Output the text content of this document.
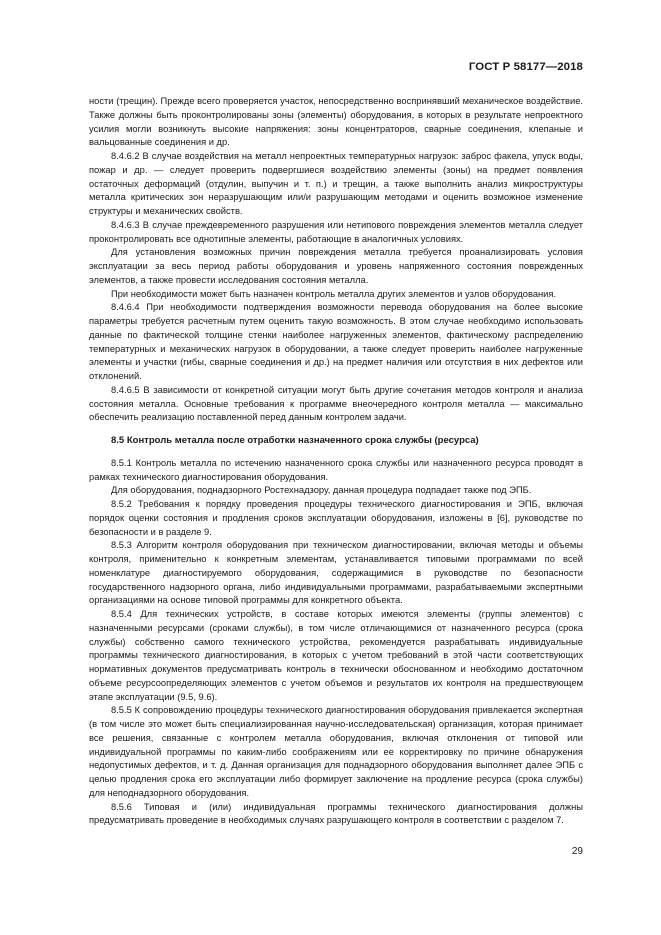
ГОСТ Р 58177—2018

ности (трещин). Прежде всего проверяется участок, непосредственно воспринявший механическое воздействие. Также должны быть проконтролированы зоны (элементы) оборудования, в которых в результате непроектного усилия могли возникнуть высокие напряжения: зоны концентраторов, сварные соединения, клепаные и вальцованные соединения и др.

8.4.6.2 В случае воздействия на металл непроектных температурных нагрузок: заброс факела, упуск воды, пожар и др. — следует проверить подвергшиеся воздействию элементы (зоны) на предмет появления остаточных деформаций (отдулин, выпучин и т. п.) и трещин, а также выполнить анализ микроструктуры металла критических зон неразрушающим или/и разрушающим методами и оценить возможное изменение структуры и механических свойств.

8.4.6.3 В случае преждевременного разрушения или нетипового повреждения элементов металла следует проконтролировать все однотипные элементы, работающие в аналогичных условиях.

Для установления возможных причин повреждения металла требуется проанализировать условия эксплуатации за весь период работы оборудования и уровень напряженного состояния поврежденных элементов, а также провести исследования состояния металла.

При необходимости может быть назначен контроль металла других элементов и узлов оборудования.

8.4.6.4 При необходимости подтверждения возможности перевода оборудования на более высокие параметры требуется расчетным путем оценить такую возможность. В этом случае необходимо использовать данные по фактической толщине стенки наиболее нагруженных элементов, фактическому распределению температурных и механических нагрузок в оборудовании, а также следует проверить наиболее нагруженные элементы и участки (гибы, сварные соединения и др.) на предмет наличия или отсутствия в них дефектов или отклонений.

8.4.6.5 В зависимости от конкретной ситуации могут быть другие сочетания методов контроля и анализа состояния металла. Основные требования к программе внеочередного контроля металла — максимально обеспечить реализацию поставленной перед данным контролем задачи.

8.5 Контроль металла после отработки назначенного срока службы (ресурса)

8.5.1 Контроль металла по истечению назначенного срока службы или назначенного ресурса проводят в рамках технического диагностирования оборудования.

Для оборудования, поднадзорного Ростехнадзору, данная процедура подпадает также под ЭПБ.

8.5.2 Требования к порядку проведения процедуры технического диагностирования и ЭПБ, включая порядок оценки состояния и продления сроков эксплуатации оборудования, изложены в [6], руководстве по безопасности и в разделе 9.

8.5.3 Алгоритм контроля оборудования при техническом диагностировании, включая методы и объемы контроля, применительно к конкретным элементам, устанавливается типовыми программами по всей номенклатуре диагностируемого оборудования, содержащимися в руководстве по безопасности государственного надзорного органа, либо индивидуальными программами, разрабатываемыми экспертными организациями на основе типовой программы для конкретного объекта.

8.5.4 Для технических устройств, в составе которых имеются элементы (группы элементов) с назначенными ресурсами (сроками службы), в том числе отличающимися от назначенного ресурса (срока службы) собственно самого технического устройства, рекомендуется разрабатывать индивидуальные программы технического диагностирования, в которых с учетом требований в этой части соответствующих нормативных документов предусматривать контроль в технически обоснованном и необходимо достаточном объеме ресурсоопределяющих элементов с учетом объемов и результатов их контроля на предшествующем этапе эксплуатации (9.5, 9.6).

8.5.5 К сопровождению процедуры технического диагностирования оборудования привлекается экспертная (в том числе это может быть специализированная научно-исследовательская) организация, которая принимает все решения, связанные с контролем металла оборудования, включая отклонения от типовой или индивидуальной программы по каким-либо соображениям или ее корректировку по причине обнаружения недопустимых дефектов, и т. д. Данная организация для поднадзорного оборудования выполняет далее ЭПБ с целью продления срока его эксплуатации либо формирует заключение на продление ресурса (срока службы) для неподнадзорного оборудования.

8.5.6 Типовая и (или) индивидуальная программы технического диагностирования должны предусматривать проведение в необходимых случаях разрушающего контроля в соответствии с разделом 7.

29
